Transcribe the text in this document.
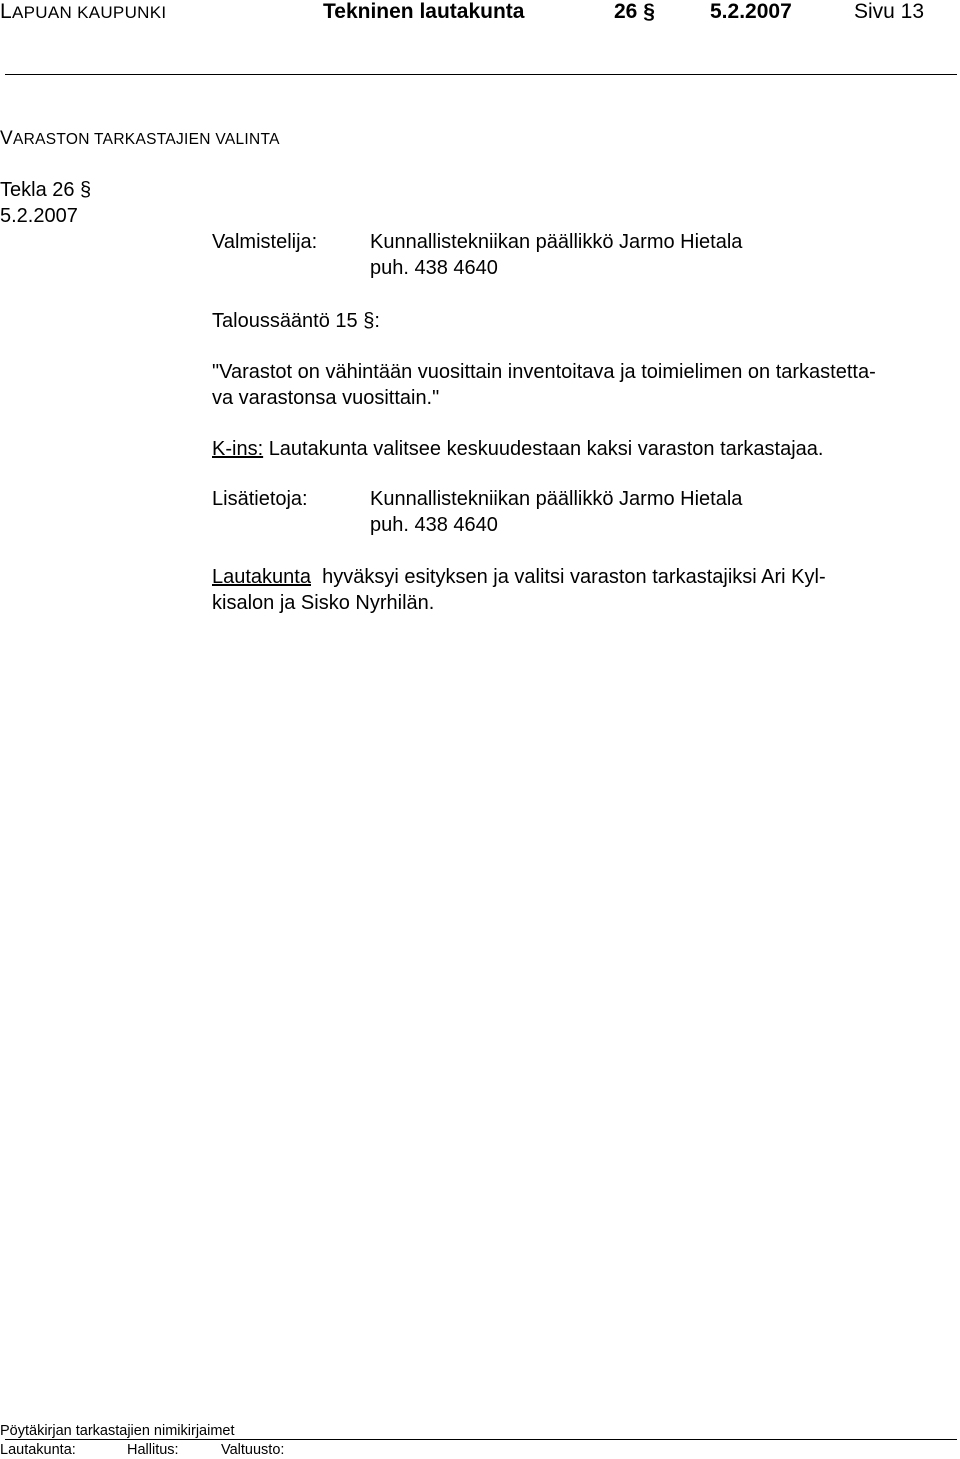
LAPUAN KAUPUNKI	Tekninen lautakunta	26 §	5.2.2007	Sivu 13
VARASTON TARKASTAJIEN VALINTA
Tekla 26 §
5.2.2007
Valmistelija:	Kunnallistekniikan päällikkö Jarmo Hietala
puh. 438 4640
Taloussääntö 15 §:
"Varastot on vähintään vuosittain inventoitava ja toimielimen on tarkastetta-
va varastonsa vuosittain."
K-ins: Lautakunta valitsee keskuudestaan kaksi varaston tarkastajaa.
Lisätietoja:	Kunnallistekniikan päällikkö Jarmo Hietala
puh. 438 4640
Lautakunta hyväksyi esityksen ja valitsi varaston tarkastajiksi Ari Kyl-
kisalon ja Sisko Nyrhilän.
Pöytäkirjan tarkastajien nimikirjaimet
Lautakunta:	Hallitus:	Valtuusto:
